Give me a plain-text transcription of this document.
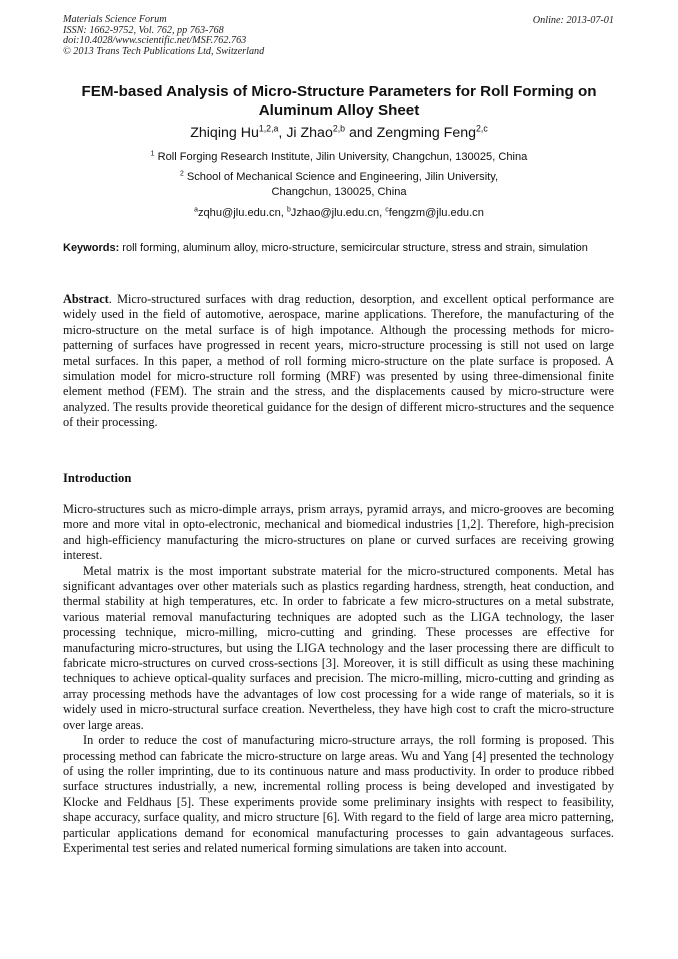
Materials Science Forum
ISSN: 1662-9752, Vol. 762, pp 763-768
doi:10.4028/www.scientific.net/MSF.762.763
© 2013 Trans Tech Publications Ltd, Switzerland
Online: 2013-07-01
FEM-based Analysis of Micro-Structure Parameters for Roll Forming on Aluminum Alloy Sheet
Zhiqing Hu$^{1,2,a}$, Ji Zhao$^{2,b}$ and Zengming Feng$^{2,c}$
$^1$ Roll Forging Research Institute, Jilin University, Changchun, 130025, China
$^2$ School of Mechanical Science and Engineering, Jilin University,
Changchun, 130025, China
$^a$zqhu@jlu.edu.cn, $^b$Jzhao@jlu.edu.cn, $^c$fengzm@jlu.edu.cn
Keywords: roll forming, aluminum alloy, micro-structure, semicircular structure, stress and strain, simulation
Abstract. Micro-structured surfaces with drag reduction, desorption, and excellent optical performance are widely used in the field of automotive, aerospace, marine applications. Therefore, the manufacturing of the micro-structure on the metal surface is of high impotance. Although the processing methods for micro-patterning of surfaces have progressed in recent years, micro-structure processing is still not used on large metal surfaces. In this paper, a method of roll forming micro-structure on the plate surface is proposed. A simulation model for micro-structure roll forming (MRF) was presented by using three-dimensional finite element method (FEM). The strain and the stress, and the displacements caused by micro-structure were analyzed. The results provide theoretical guidance for the design of different micro-structures and the sequence of their processing.
Introduction

Micro-structures such as micro-dimple arrays, prism arrays, pyramid arrays, and micro-grooves are becoming more and more vital in opto-electronic, mechanical and biomedical industries [1,2]. Therefore, high-precision and high-efficiency manufacturing the micro-structures on plane or curved surfaces are receiving growing interest.

Metal matrix is the most important substrate material for the micro-structured components. Metal has significant advantages over other materials such as plastics regarding hardness, strength, heat conduction, and thermal stability at high temperatures, etc. In order to fabricate a few micro-structures on a metal substrate, various material removal manufacturing techniques are adopted such as the LIGA technology, the laser processing technique, micro-milling, micro-cutting and grinding. These processes are effective for manufacturing micro-structures, but using the LIGA technology and the laser processing there are difficult to fabricate micro-structures on curved cross-sections [3]. Moreover, it is still difficult as using these machining techniques to achieve optical-quality surfaces and precision. The micro-milling, micro-cutting and grinding as array processing methods have the advantages of low cost processing for a wide range of materials, so it is widely used in micro-structural surface creation. Nevertheless, they have high cost to craft the micro-structure over large areas.

In order to reduce the cost of manufacturing micro-structure arrays, the roll forming is proposed. This processing method can fabricate the micro-structure on large areas. Wu and Yang [4] presented the technology of using the roller imprinting, due to its continuous nature and mass productivity. In order to produce ribbed surface structures industrially, a new, incremental rolling process is being developed and investigated by Klocke and Feldhaus [5]. These experiments provide some preliminary insights with respect to feasibility, shape accuracy, surface quality, and micro structure [6]. With regard to the field of large area micro patterning, particular applications demand for economical manufacturing processes to gain advantageous surfaces. Experimental test series and related numerical forming simulations are taken into account.
